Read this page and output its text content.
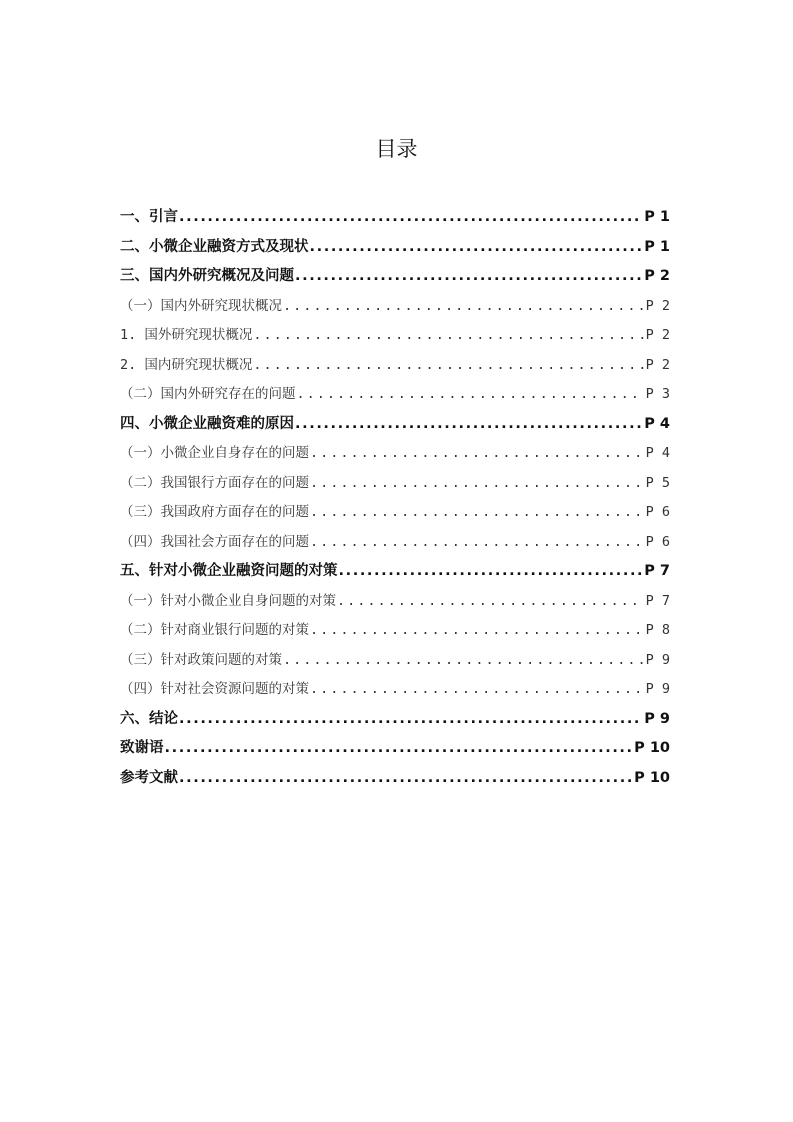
目录
一、引言 .....	P 1
二、小微企业融资方式及现状 .....	P 1
三、国内外研究概况及问题 .....	P 2
（一）国内外研究现状概况 .....	P 2
1. 国外研究现状概况 .....	P 2
2. 国内研究现状概况 .....	P 2
（二）国内外研究存在的问题 .....	P 3
四、小微企业融资难的原因 .....	P 4
（一）小微企业自身存在的问题 .....	P 4
（二）我国银行方面存在的问题 .....	P 5
（三）我国政府方面存在的问题 .....	P 6
（四）我国社会方面存在的问题 .....	P 6
五、针对小微企业融资问题的对策 .....	P 7
（一）针对小微企业自身问题的对策 .....	P 7
（二）针对商业银行问题的对策 .....	P 8
（三）针对政策问题的对策 .....	P 9
（四）针对社会资源问题的对策 .....	P 9
六、结论 .....	P 9
致谢语 .....	P 10
参考文献 .....	P 10
